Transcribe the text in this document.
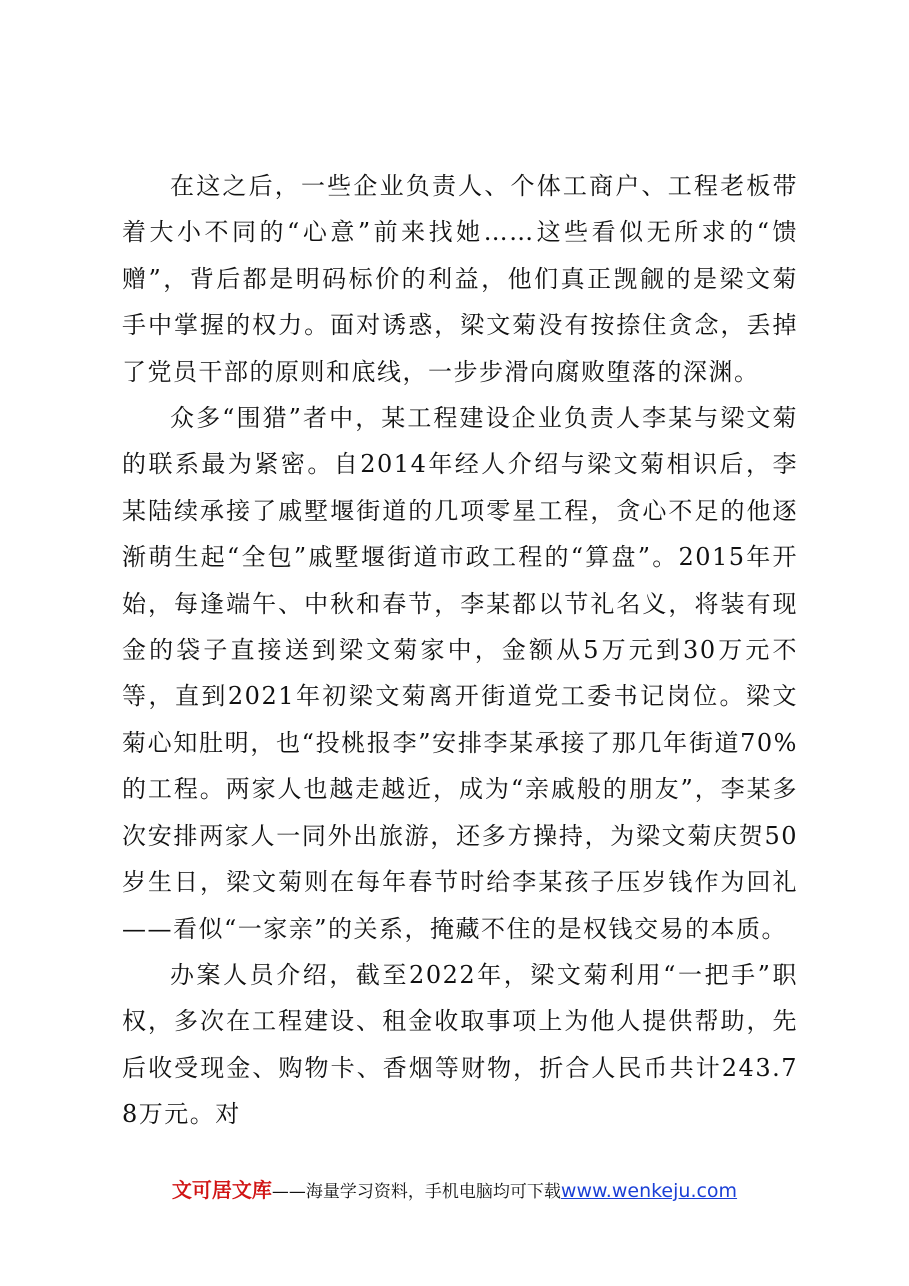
在这之后，一些企业负责人、个体工商户、工程老板带着大小不同的“心意”前来找她……这些看似无所求的“馈赠”，背后都是明码标价的利益，他们真正觊觎的是梁文菊手中掌握的权力。面对诱惑，梁文菊没有按捺住贪念，丢掉了党员干部的原则和底线，一步步滑向腐败堕落的深渊。

众多“围猎”者中，某工程建设企业负责人李某与梁文菊的联系最为紧密。自2014年经人介绍与梁文菊相识后，李某陆续承接了戚墅堰街道的几项零星工程，贪心不足的他逐渐萌生起“全包”戚墅堰街道市政工程的“算盘”。2015年开始，每逢端午、中秋和春节，李某都以节礼名义，将装有现金的袋子直接送到梁文菊家中，金额从5万元到30万元不等，直到2021年初梁文菊离开街道党工委书记岗位。梁文菊心知肚明，也“投桃报李”安排李某承接了那几年街道70%的工程。两家人也越走越近，成为“亲戚般的朋友”，李某多次安排两家人一同外出旅游，还多方操持，为梁文菊庆贺50岁生日，梁文菊则在每年春节时给李某孩子压岁钱作为回礼——看似“一家亲”的关系，掩藏不住的是权钱交易的本质。

办案人员介绍，截至2022年，梁文菊利用“一把手”职权，多次在工程建设、租金收取事项上为他人提供帮助，先后收受现金、购物卡、香烟等财物，折合人民币共计243.78万元。对

文可居文库——海量学习资料，手机电脑均可下载www.wenkeju.com
